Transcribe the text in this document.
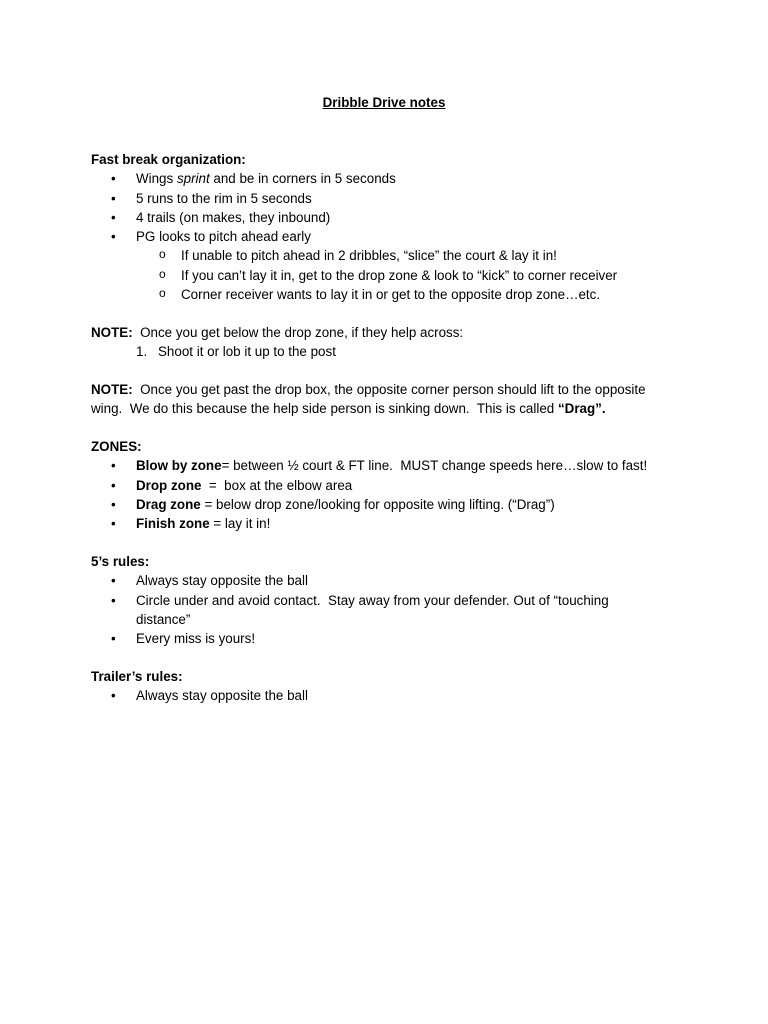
Dribble Drive notes
Fast break organization:
• Wings sprint and be in corners in 5 seconds
• 5 runs to the rim in 5 seconds
• 4 trails (on makes, they inbound)
• PG looks to pitch ahead early
o If unable to pitch ahead in 2 dribbles, “slice” the court & lay it in!
o If you can’t lay it in, get to the drop zone & look to “kick” to corner receiver
o Corner receiver wants to lay it in or get to the opposite drop zone…etc.
NOTE:  Once you get below the drop zone, if they help across:
1. Shoot it or lob it up to the post
NOTE:  Once you get past the drop box, the opposite corner person should lift to the opposite
wing.  We do this because the help side person is sinking down.  This is called “Drag”.
ZONES:
• Blow by zone= between ½ court & FT line.  MUST change speeds here…slow to fast!
• Drop zone  =  box at the elbow area
• Drag zone = below drop zone/looking for opposite wing lifting. (“Drag”)
• Finish zone = lay it in!
5’s rules:
• Always stay opposite the ball
• Circle under and avoid contact.  Stay away from your defender. Out of “touching
distance”
• Every miss is yours!
Trailer’s rules:
• Always stay opposite the ball
